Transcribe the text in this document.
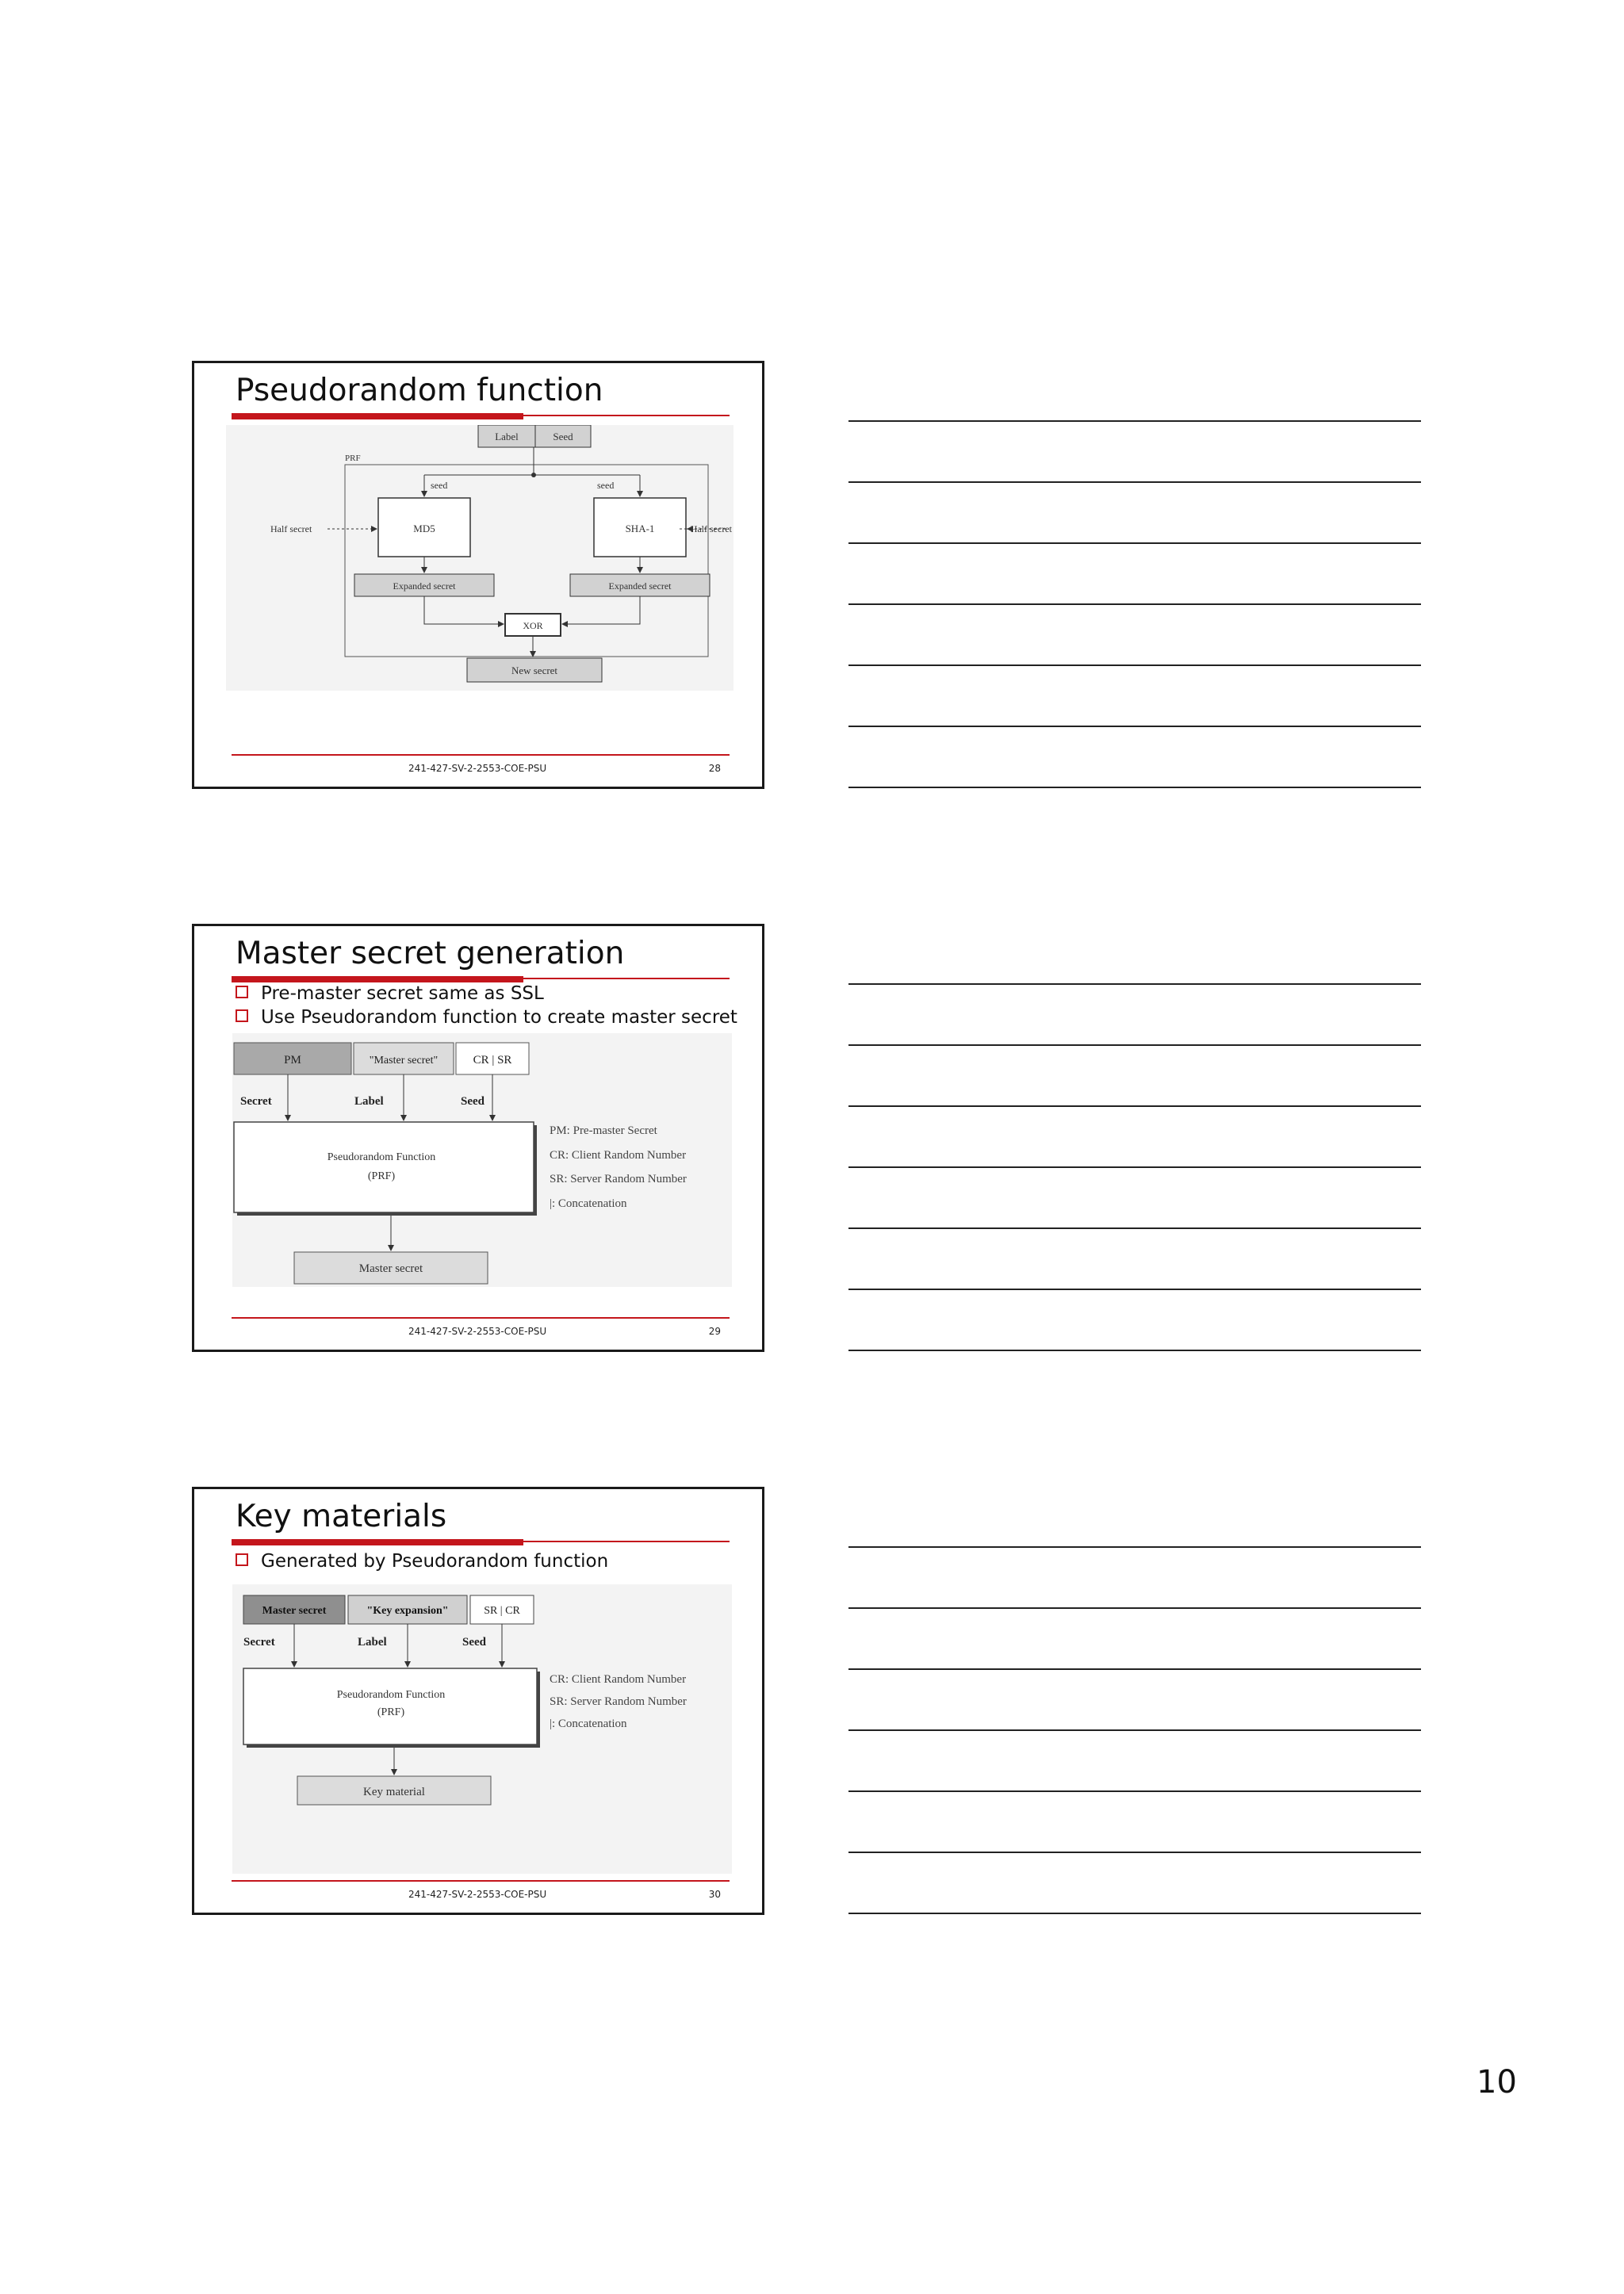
Pseudorandom function
Label	Seed
PRF
seed	seed
MD5	SHA-1
Half secret	Half secret
Expanded secret	Expanded secret
XOR
New secret
241-427-SV-2-2553-COE-PSU	28
Master secret generation
Pre-master secret same as SSL
Use Pseudorandom function to create master secret
PM	"Master secret"	CR | SR
Secret	Label	Seed
Pseudorandom Function
(PRF)
Master secret
PM: Pre-master Secret
CR: Client Random Number
SR: Server Random Number
|: Concatenation
241-427-SV-2-2553-COE-PSU	29
Key materials
Generated by Pseudorandom function
Master secret	"Key expansion"	SR | CR
Secret	Label	Seed
Pseudorandom Function
(PRF)
Key material
CR: Client Random Number
SR: Server Random Number
|: Concatenation
241-427-SV-2-2553-COE-PSU	30
10
